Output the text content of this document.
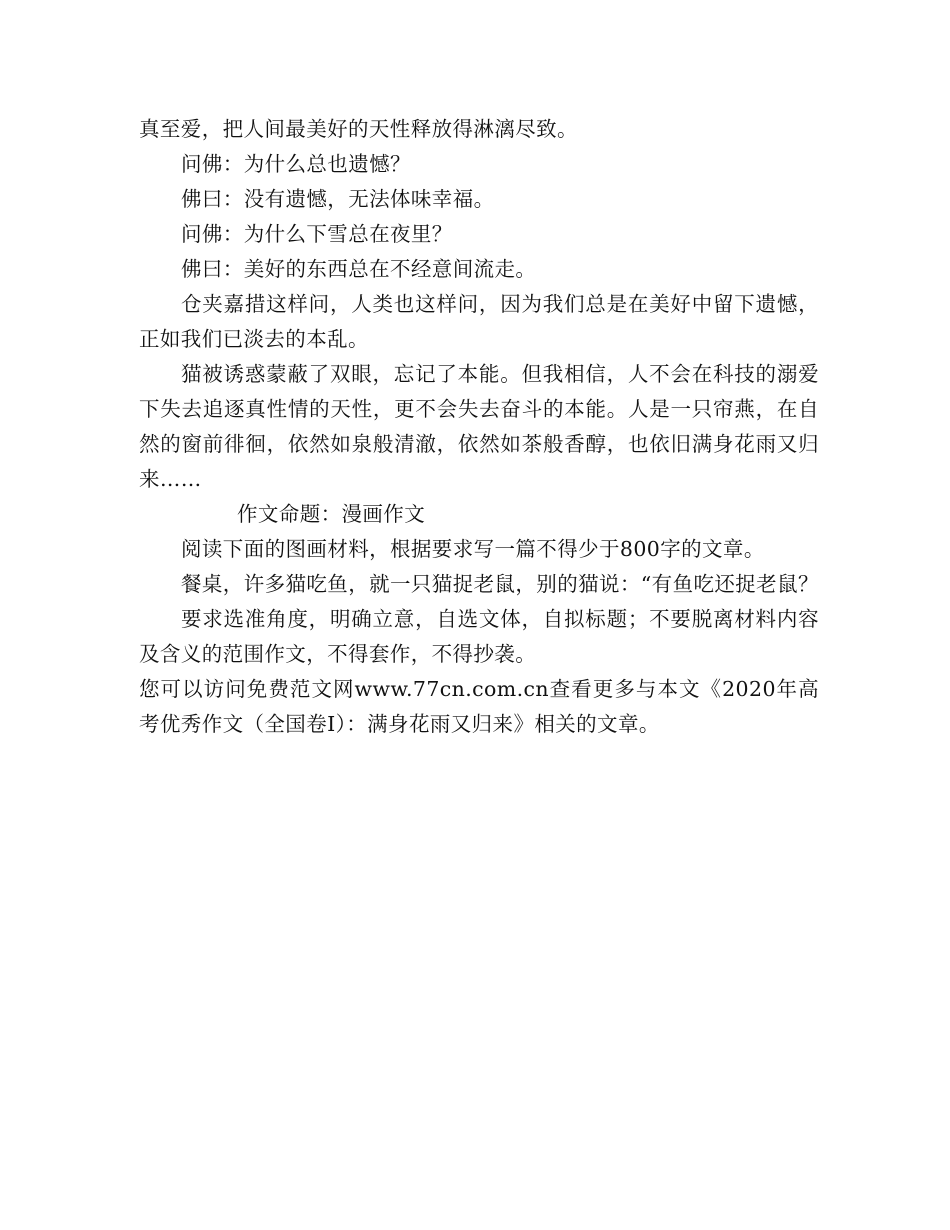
真至爱，把人间最美好的天性释放得淋漓尽致。

问佛：为什么总也遗憾？

佛曰：没有遗憾，无法体味幸福。

问佛：为什么下雪总在夜里？

佛曰：美好的东西总在不经意间流走。

仓夹嘉措这样问，人类也这样问，因为我们总是在美好中留下遗憾，正如我们已淡去的本乱。

猫被诱惑蒙蔽了双眼，忘记了本能。但我相信，人不会在科技的溺爱下失去追逐真性情的天性，更不会失去奋斗的本能。人是一只帘燕，在自然的窗前徘徊，依然如泉般清澈，依然如茶般香醇，也依旧满身花雨又归来……

作文命题：漫画作文

阅读下面的图画材料，根据要求写一篇不得少于800字的文章。

餐桌，许多猫吃鱼，就一只猫捉老鼠，别的猫说：“有鱼吃还捉老鼠？

要求选准角度，明确立意，自选文体，自拟标题；不要脱离材料内容及含义的范围作文，不得套作，不得抄袭。

您可以访问免费范文网www.77cn.com.cn查看更多与本文《2020年高考优秀作文（全国卷Ⅰ）：满身花雨又归来》相关的文章。
